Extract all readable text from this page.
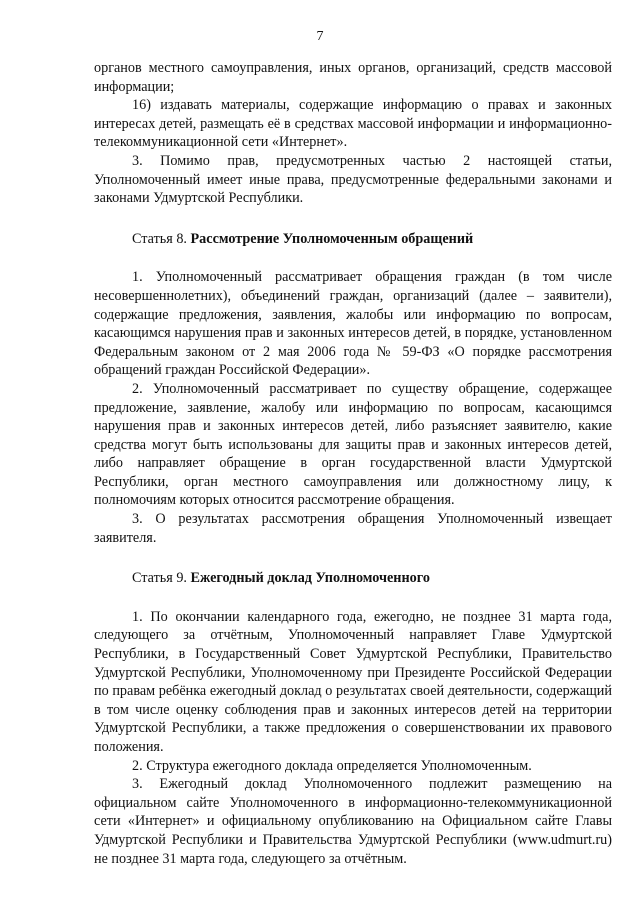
7

органов местного самоуправления, иных органов, организаций, средств массовой информации;

16) издавать материалы, содержащие информацию о правах и законных интересах детей, размещать её в средствах массовой информации и информационно-телекоммуникационной сети «Интернет».

3. Помимо прав, предусмотренных частью 2 настоящей статьи, Уполномоченный имеет иные права, предусмотренные федеральными законами и законами Удмуртской Республики.

Статья 8. Рассмотрение Уполномоченным обращений

1. Уполномоченный рассматривает обращения граждан (в том числе несовершеннолетних), объединений граждан, организаций (далее – заявители), содержащие предложения, заявления, жалобы или информацию по вопросам, касающимся нарушения прав и законных интересов детей, в порядке, установленном Федеральным законом от 2 мая 2006 года № 59-ФЗ «О порядке рассмотрения обращений граждан Российской Федерации».

2. Уполномоченный рассматривает по существу обращение, содержащее предложение, заявление, жалобу или информацию по вопросам, касающимся нарушения прав и законных интересов детей, либо разъясняет заявителю, какие средства могут быть использованы для защиты прав и законных интересов детей, либо направляет обращение в орган государственной власти Удмуртской Республики, орган местного самоуправления или должностному лицу, к полномочиям которых относится рассмотрение обращения.

3. О результатах рассмотрения обращения Уполномоченный извещает заявителя.

Статья 9. Ежегодный доклад Уполномоченного

1. По окончании календарного года, ежегодно, не позднее 31 марта года, следующего за отчётным, Уполномоченный направляет Главе Удмуртской Республики, в Государственный Совет Удмуртской Республики, Правительство Удмуртской Республики, Уполномоченному при Президенте Российской Федерации по правам ребёнка ежегодный доклад о результатах своей деятельности, содержащий в том числе оценку соблюдения прав и законных интересов детей на территории Удмуртской Республики, а также предложения о совершенствовании их правового положения.

2. Структура ежегодного доклада определяется Уполномоченным.

3. Ежегодный доклад Уполномоченного подлежит размещению на официальном сайте Уполномоченного в информационно-телекоммуникационной сети «Интернет» и официальному опубликованию на Официальном сайте Главы Удмуртской Республики и Правительства Удмуртской Республики (www.udmurt.ru) не позднее 31 марта года, следующего за отчётным.
